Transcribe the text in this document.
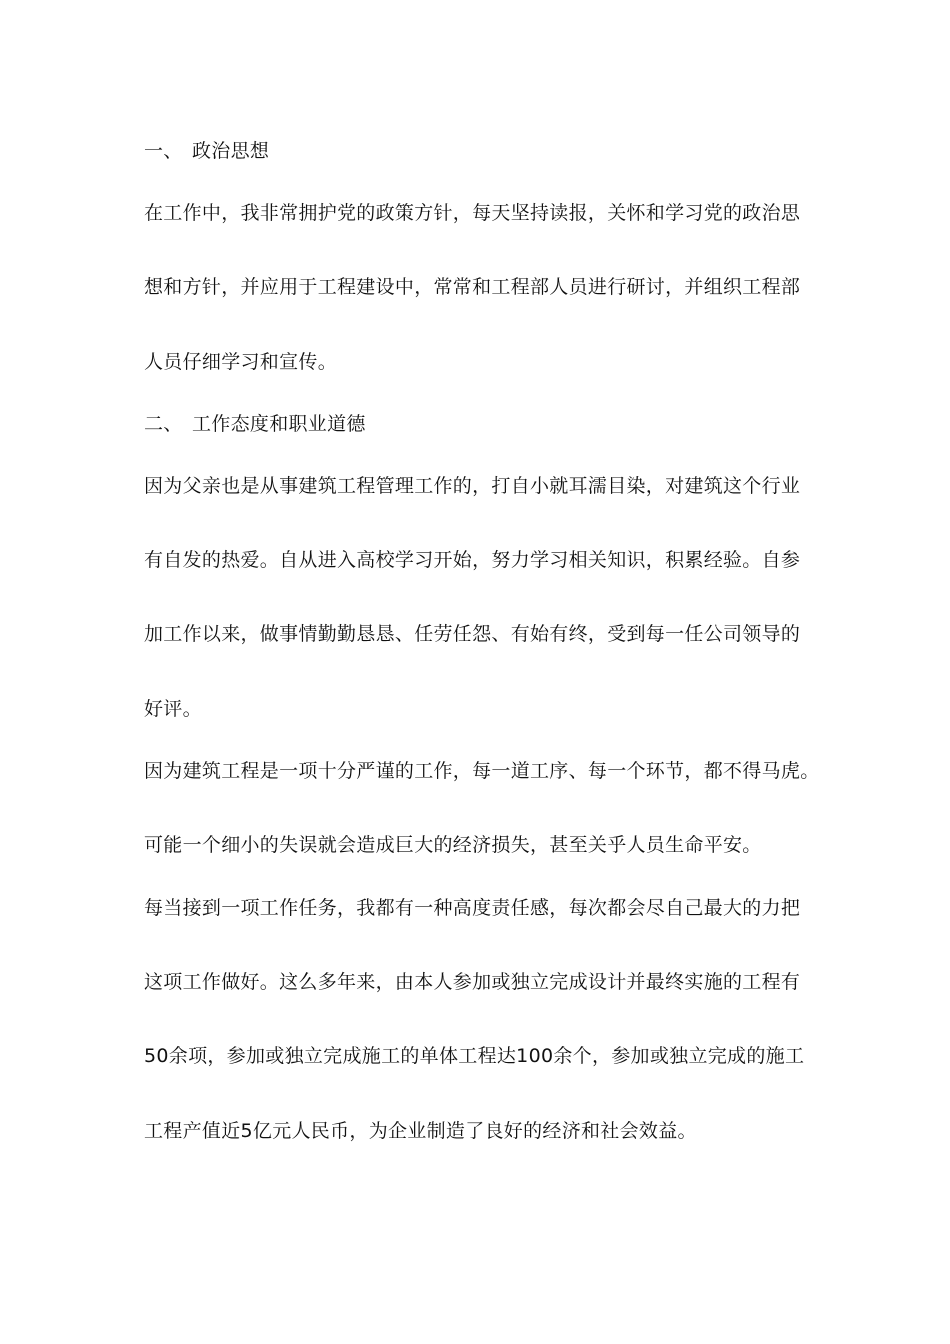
一、 政治思想
在工作中，我非常拥护党的政策方针，每天坚持读报，关怀和学习党的政治思
想和方针，并应用于工程建设中，常常和工程部人员进行研讨，并组织工程部
人员仔细学习和宣传。
二、 工作态度和职业道德
因为父亲也是从事建筑工程管理工作的，打自小就耳濡目染，对建筑这个行业
有自发的热爱。自从进入高校学习开始，努力学习相关知识，积累经验。自参
加工作以来，做事情勤勤恳恳、任劳任怨、有始有终，受到每一任公司领导的
好评。
因为建筑工程是一项十分严谨的工作，每一道工序、每一个环节，都不得马虎。
可能一个细小的失误就会造成巨大的经济损失，甚至关乎人员生命平安。
每当接到一项工作任务，我都有一种高度责任感，每次都会尽自己最大的力把
这项工作做好。这么多年来，由本人参加或独立完成设计并最终实施的工程有
50余项，参加或独立完成施工的单体工程达100余个，参加或独立完成的施工
工程产值近5亿元人民币，为企业制造了良好的经济和社会效益。
